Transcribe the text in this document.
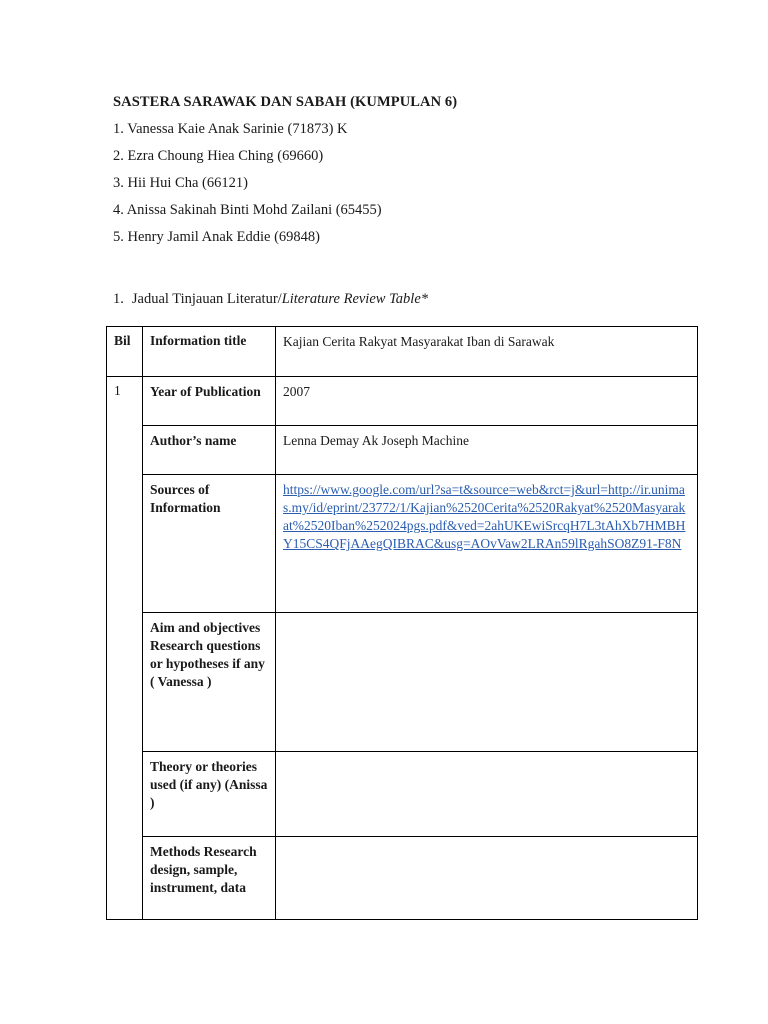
SASTERA SARAWAK DAN SABAH (KUMPULAN 6)
1. Vanessa Kaie Anak Sarinie (71873) K
2. Ezra Choung Hiea Ching (69660)
3. Hii Hui Cha (66121)
4. Anissa Sakinah Binti Mohd Zailani (65455)
5. Henry Jamil Anak Eddie (69848)
1. Jadual Tinjauan Literatur/Literature Review Table*
Bil	Information title	Kajian Cerita Rakyat Masyarakat Iban di Sarawak
1	Year of Publication	2007
	Author’s name	Lenna Demay Ak Joseph Machine
	Sources of Information	https://www.google.com/url?sa=t&source=web&rct=j&url=http://ir.unimas.my/id/eprint/23772/1/Kajian%2520Cerita%2520Rakyat%2520Masyarakat%2520Iban%252024pgs.pdf&ved=2ahUKEwiSrcqH7L3tAhXb7HMBHY15CS4QFjAAegQIBRAC&usg=AOvVaw2LRAn59lRgahSO8Z91-F8N
	Aim and objectives Research questions or hypotheses if any ( Vanessa )	
	Theory or theories used (if any) (Anissa )	
	Methods Research design, sample, instrument, data	
